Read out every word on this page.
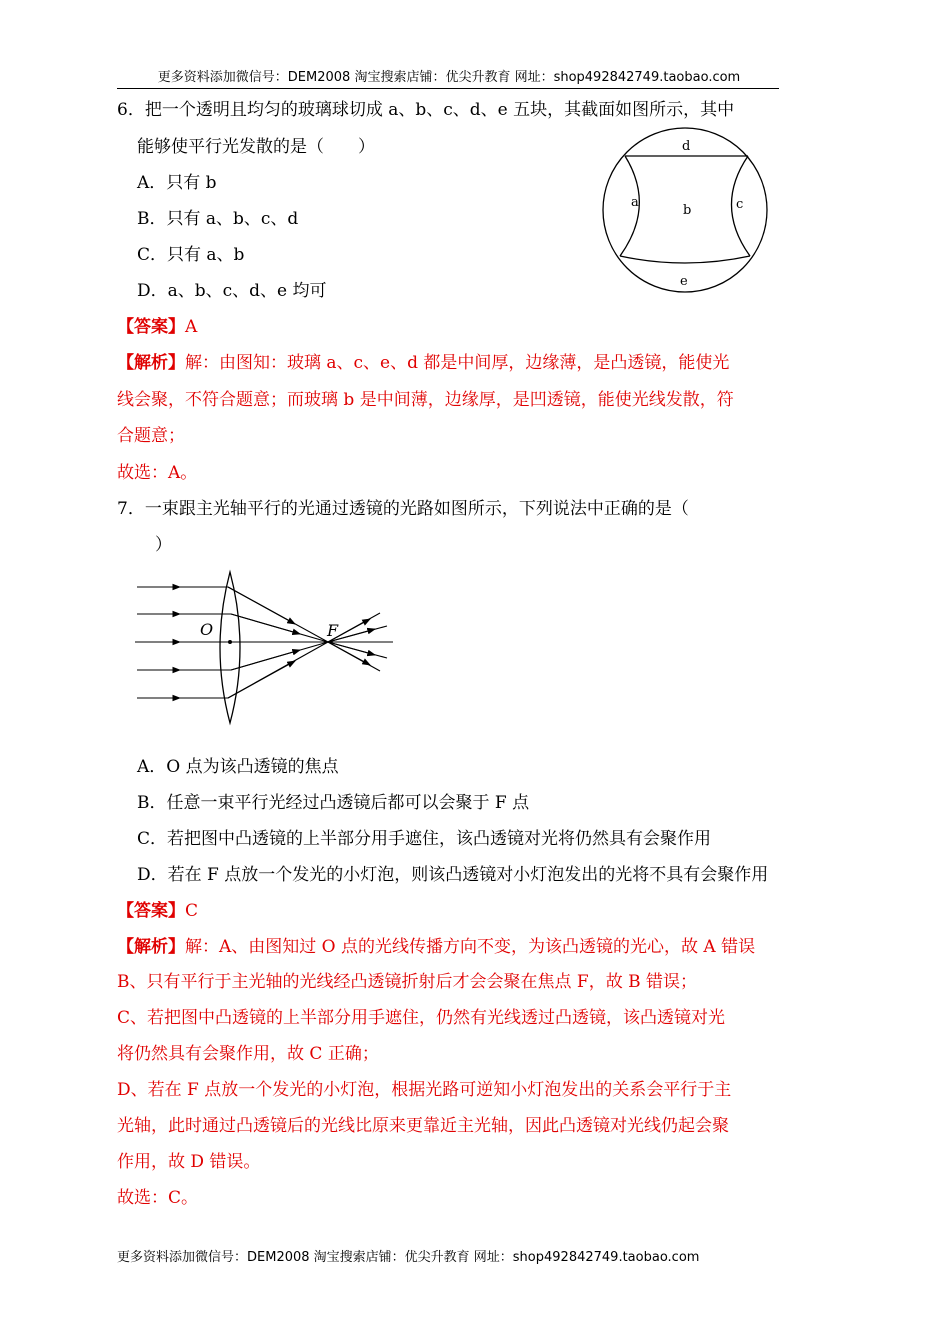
更多资料添加微信号：DEM2008 淘宝搜索店铺：优尖升教育 网址：shop492842749.taobao.com
6．把一个透明且均匀的玻璃球切成 a、b、c、d、e 五块，其截面如图所示，其中
能够使平行光发散的是（　　）
A．只有 b
B．只有 a、b、c、d
C．只有 a、b
D．a、b、c、d、e 均可
d
a
b	c
e
【答案】A
【解析】解：由图知：玻璃 a、c、e、d 都是中间厚，边缘薄，是凸透镜，能使光
线会聚，不符合题意；而玻璃 b 是中间薄，边缘厚，是凹透镜，能使光线发散，符
合题意；
故选：A。
7．一束跟主光轴平行的光通过透镜的光路如图所示，下列说法中正确的是（
）
O	F
A．O 点为该凸透镜的焦点
B．任意一束平行光经过凸透镜后都可以会聚于 F 点
C．若把图中凸透镜的上半部分用手遮住，该凸透镜对光将仍然具有会聚作用
D．若在 F 点放一个发光的小灯泡，则该凸透镜对小灯泡发出的光将不具有会聚作用
【答案】C
【解析】解：A、由图知过 O 点的光线传播方向不变，为该凸透镜的光心，故 A 错误
B、只有平行于主光轴的光线经凸透镜折射后才会会聚在焦点 F，故 B 错误；
C、若把图中凸透镜的上半部分用手遮住，仍然有光线透过凸透镜，该凸透镜对光
将仍然具有会聚作用，故 C 正确；
D、若在 F 点放一个发光的小灯泡，根据光路可逆知小灯泡发出的关系会平行于主
光轴，此时通过凸透镜后的光线比原来更靠近主光轴，因此凸透镜对光线仍起会聚
作用，故 D 错误。
故选：C。
更多资料添加微信号：DEM2008 淘宝搜索店铺：优尖升教育 网址：shop492842749.taobao.com
